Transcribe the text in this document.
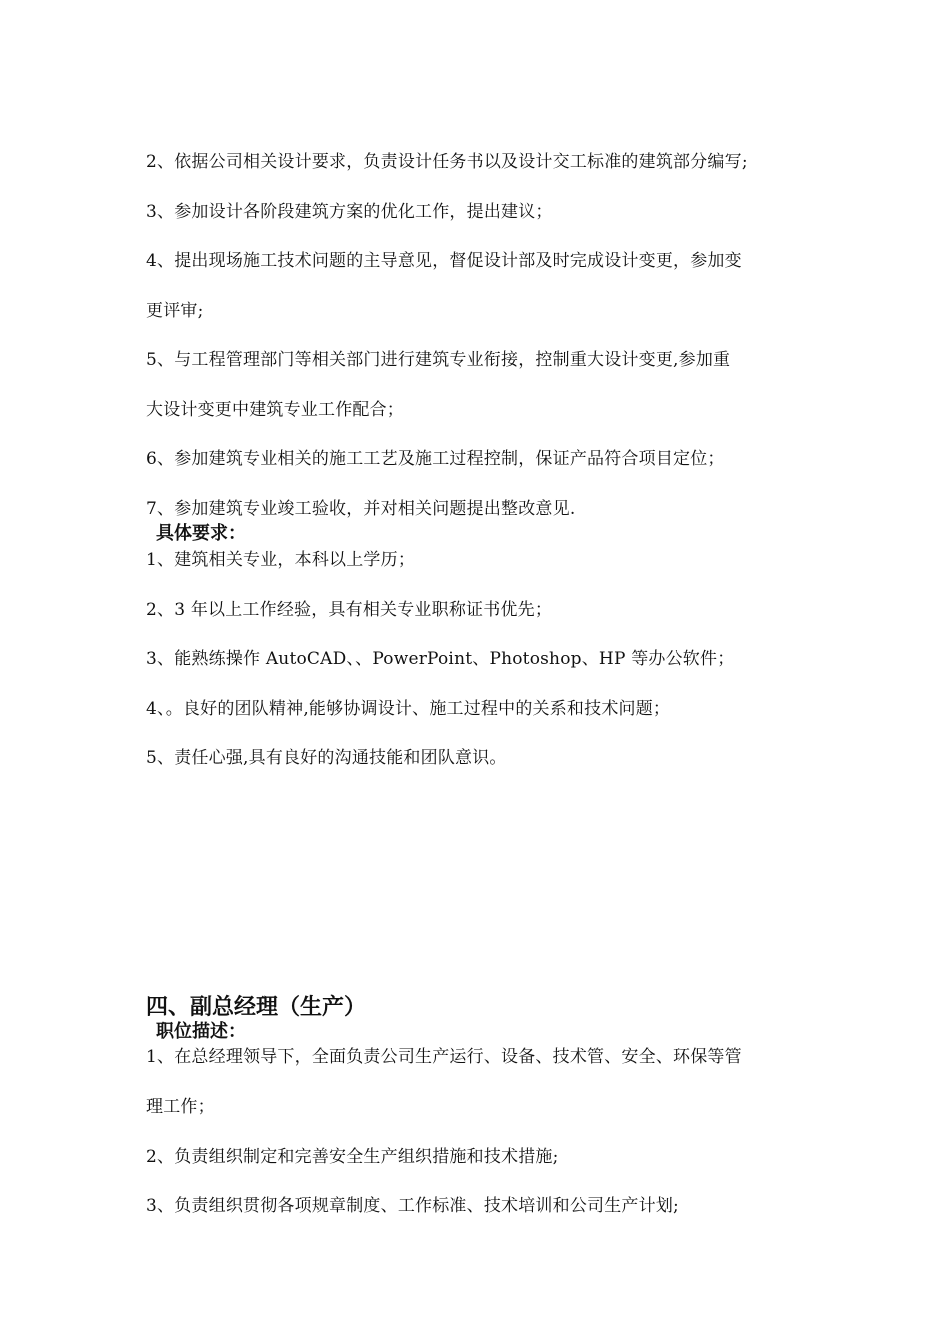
2、依据公司相关设计要求，负责设计任务书以及设计交工标准的建筑部分编写;
3、参加设计各阶段建筑方案的优化工作，提出建议；
4、提出现场施工技术问题的主导意见，督促设计部及时完成设计变更，参加变
更评审;
5、与工程管理部门等相关部门进行建筑专业衔接，控制重大设计变更,参加重
大设计变更中建筑专业工作配合；
6、参加建筑专业相关的施工工艺及施工过程控制，保证产品符合项目定位；
7、参加建筑专业竣工验收，并对相关问题提出整改意见.
具体要求：
1、建筑相关专业，本科以上学历；
2、3 年以上工作经验，具有相关专业职称证书优先；
3、能熟练操作 AutoCAD、、PowerPoint、Photoshop、HP 等办公软件；
4、。良好的团队精神,能够协调设计、施工过程中的关系和技术问题；
5、责任心强,具有良好的沟通技能和团队意识。
四、副总经理（生产）
职位描述：
1、在总经理领导下，全面负责公司生产运行、设备、技术管、安全、环保等管
理工作；
2、负责组织制定和完善安全生产组织措施和技术措施;
3、负责组织贯彻各项规章制度、工作标准、技术培训和公司生产计划;
